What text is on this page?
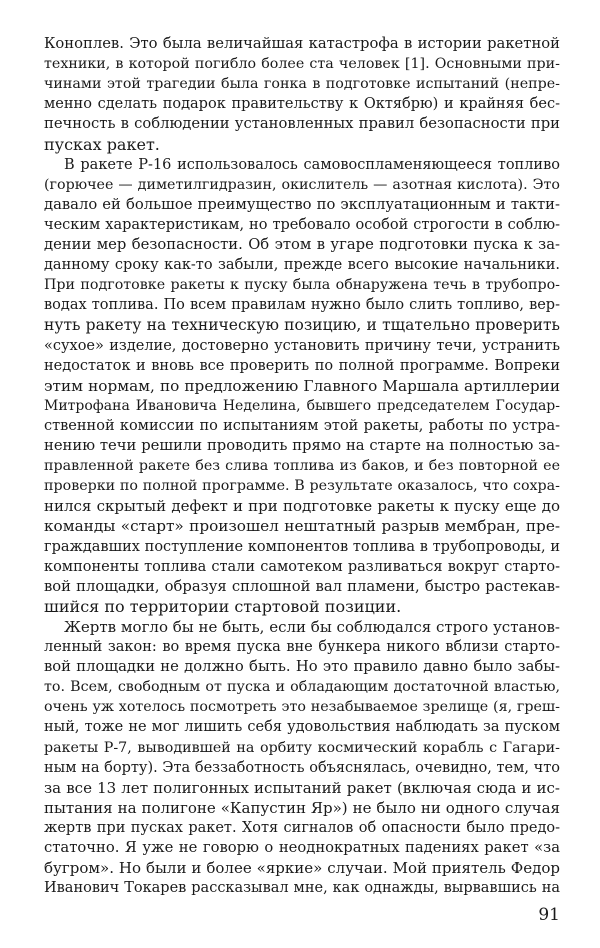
Коноплев. Это была величайшая катастрофа в истории ракетной
техники, в которой погибло более ста человек [1]. Основными при-
чинами этой трагедии была гонка в подготовке испытаний (непре-
менно сделать подарок правительству к Октябрю) и крайняя бес-
печность в соблюдении установленных правил безопасности при
пусках ракет.
В ракете Р-16 использовалось самовоспламеняющееся топливо
(горючее — диметилгидразин, окислитель — азотная кислота). Это
давало ей большое преимущество по эксплуатационным и такти-
ческим характеристикам, но требовало особой строгости в соблю-
дении мер безопасности. Об этом в угаре подготовки пуска к за-
данному сроку как-то забыли, прежде всего высокие начальники.
При подготовке ракеты к пуску была обнаружена течь в трубопро-
водах топлива. По всем правилам нужно было слить топливо, вер-
нуть ракету на техническую позицию, и тщательно проверить
«сухое» изделие, достоверно установить причину течи, устранить
недостаток и вновь все проверить по полной программе. Вопреки
этим нормам, по предложению Главного Маршала артиллерии
Митрофана Ивановича Неделина, бывшего председателем Государ-
ственной комиссии по испытаниям этой ракеты, работы по устра-
нению течи решили проводить прямо на старте на полностью за-
правленной ракете без слива топлива из баков, и без повторной ее
проверки по полной программе. В результате оказалось, что сохра-
нился скрытый дефект и при подготовке ракеты к пуску еще до
команды «старт» произошел нештатный разрыв мембран, пре-
граждавших поступление компонентов топлива в трубопроводы, и
компоненты топлива стали самотеком разливаться вокруг старто-
вой площадки, образуя сплошной вал пламени, быстро растекав-
шийся по территории стартовой позиции.
Жертв могло бы не быть, если бы соблюдался строго установ-
ленный закон: во время пуска вне бункера никого вблизи старто-
вой площадки не должно быть. Но это правило давно было забы-
то. Всем, свободным от пуска и обладающим достаточной властью,
очень уж хотелось посмотреть это незабываемое зрелище (я, греш-
ный, тоже не мог лишить себя удовольствия наблюдать за пуском
ракеты Р-7, выводившей на орбиту космический корабль с Гагари-
ным на борту). Эта беззаботность объяснялась, очевидно, тем, что
за все 13 лет полигонных испытаний ракет (включая сюда и ис-
пытания на полигоне «Капустин Яр») не было ни одного случая
жертв при пусках ракет. Хотя сигналов об опасности было предо-
статочно. Я уже не говорю о неоднократных падениях ракет «за
бугром». Но были и более «яркие» случаи. Мой приятель Федор
Иванович Токарев рассказывал мне, как однажды, вырвавшись на
91
